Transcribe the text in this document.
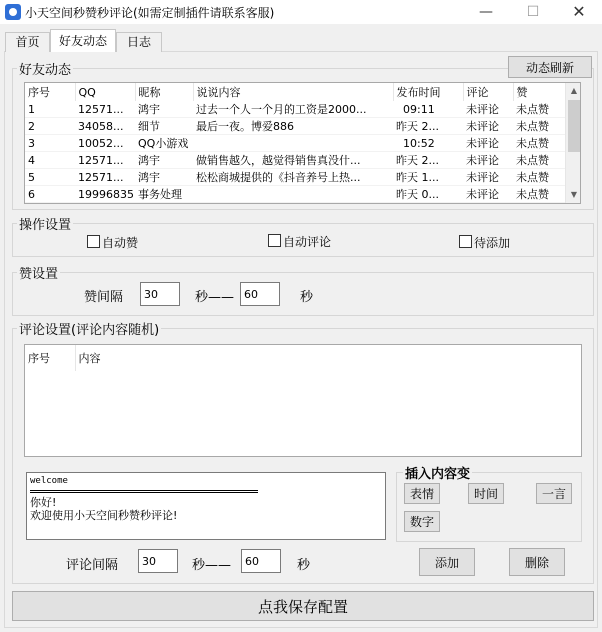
小天空间秒赞秒评论(如需定制插件请联系客服)	—	☐	✕
首页	好友动态	日志
好友动态	动态刷新
序号	QQ	昵称	说说内容	发布时间	评论	赞
1	12571...	鸿宇	过去一个人一个月的工资是2000...	09:11	未评论	未点赞
2	34058...	细节	最后一夜。博爱886	昨天 2...	未评论	未点赞
3	10052...	QQ小游戏		10:52	未评论	未点赞
4	12571...	鸿宇	做销售越久，越觉得销售真没什...	昨天 2...	未评论	未点赞
5	12571...	鸿宇	松松商城提供的《抖音养号上热...	昨天 1...	未评论	未点赞
6	19996835	事务处理		昨天 0...	未评论	未点赞
▲
▼
操作设置
自动赞	自动评论	待添加
赞设置
赞间隔
30	秒——
60	秒
评论设置(评论内容随机)
序号	内容
welcome
你好!
欢迎使用小天空间秒赞秒评论!
插入内容变
表情	时间	一言
数字
评论间隔
30	秒——
60	秒	添加	删除
点我保存配置
